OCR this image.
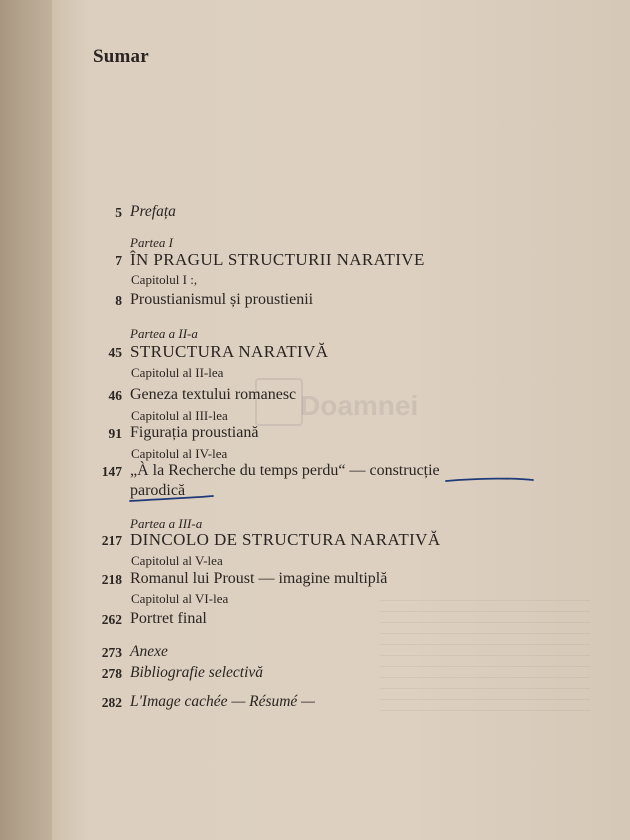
Doamnei
Sumar
5 Prefața
Partea I
7 ÎN PRAGUL STRUCTURII NARATIVE
Capitolul I :,
8 Proustianismul și proustienii
Partea a II-a
45 STRUCTURA NARATIVĂ
Capitolul al II-lea
46 Geneza textului romanesc
Capitolul al III-lea
91 Figurația proustiană
Capitolul al IV-lea
147 „À la Recherche du temps perdu“ — construcție
parodică
Partea a III-a
217 DINCOLO DE STRUCTURA NARATIVĂ
Capitolul al V-lea
218 Romanul lui Proust — imagine multiplă
Capitolul al VI-lea
262 Portret final
273 Anexe
278 Bibliografie selectivă
282 L'Image cachée — Résumé —
